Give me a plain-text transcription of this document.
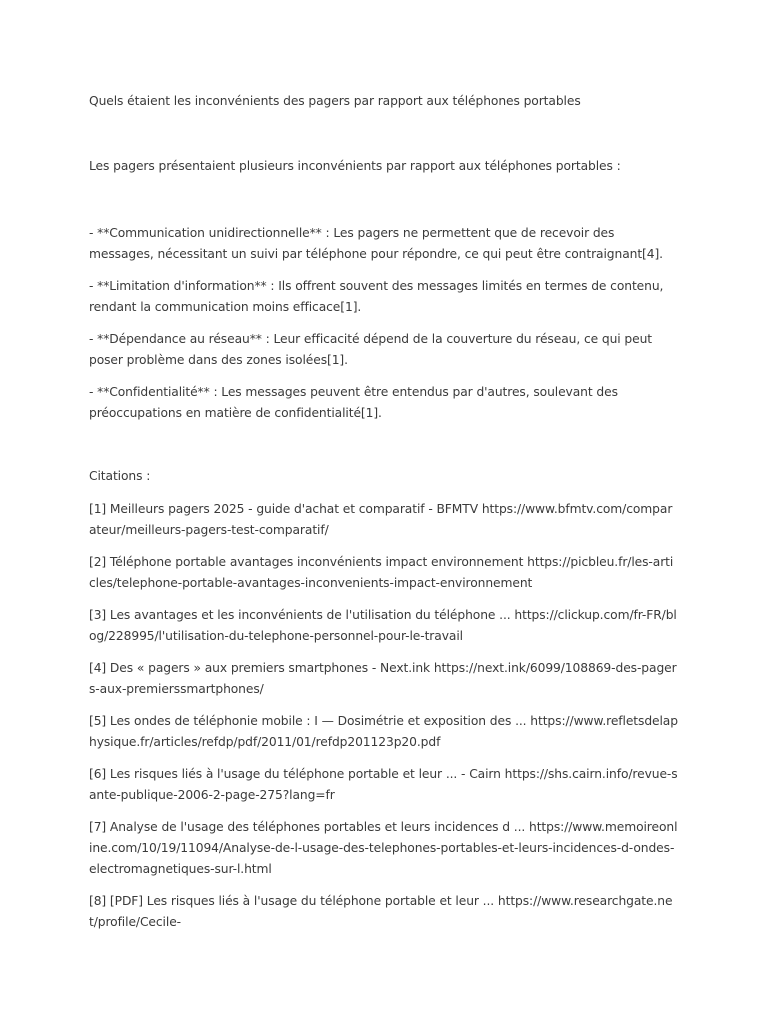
Quels étaient les inconvénients des pagers par rapport aux téléphones portables

Les pagers présentaient plusieurs inconvénients par rapport aux téléphones portables :

- **Communication unidirectionnelle** : Les pagers ne permettent que de recevoir des messages, nécessitant un suivi par téléphone pour répondre, ce qui peut être contraignant[4].

- **Limitation d'information** : Ils offrent souvent des messages limités en termes de contenu, rendant la communication moins efficace[1].

- **Dépendance au réseau** : Leur efficacité dépend de la couverture du réseau, ce qui peut poser problème dans des zones isolées[1].

- **Confidentialité** : Les messages peuvent être entendus par d'autres, soulevant des préoccupations en matière de confidentialité[1].

Citations :

[1] Meilleurs pagers 2025 - guide d'achat et comparatif - BFMTV https://www.bfmtv.com/comparateur/meilleurs-pagers-test-comparatif/

[2] Téléphone portable avantages inconvénients impact environnement https://picbleu.fr/les-articles/telephone-portable-avantages-inconvenients-impact-environnement

[3] Les avantages et les inconvénients de l'utilisation du téléphone ... https://clickup.com/fr-FR/blog/228995/l'utilisation-du-telephone-personnel-pour-le-travail

[4] Des « pagers » aux premiers smartphones - Next.ink https://next.ink/6099/108869-des-pagers-aux-premierssmartphones/

[5] Les ondes de téléphonie mobile : I — Dosimétrie et exposition des ... https://www.refletsdelaphysique.fr/articles/refdp/pdf/2011/01/refdp201123p20.pdf

[6] Les risques liés à l'usage du téléphone portable et leur ... - Cairn https://shs.cairn.info/revue-sante-publique-2006-2-page-275?lang=fr

[7] Analyse de l'usage des téléphones portables et leurs incidences d ... https://www.memoireonline.com/10/19/11094/Analyse-de-l-usage-des-telephones-portables-et-leurs-incidences-d-ondes-electromagnetiques-sur-l.html

[8] [PDF] Les risques liés à l'usage du téléphone portable et leur ... https://www.researchgate.net/profile/Cecile-
